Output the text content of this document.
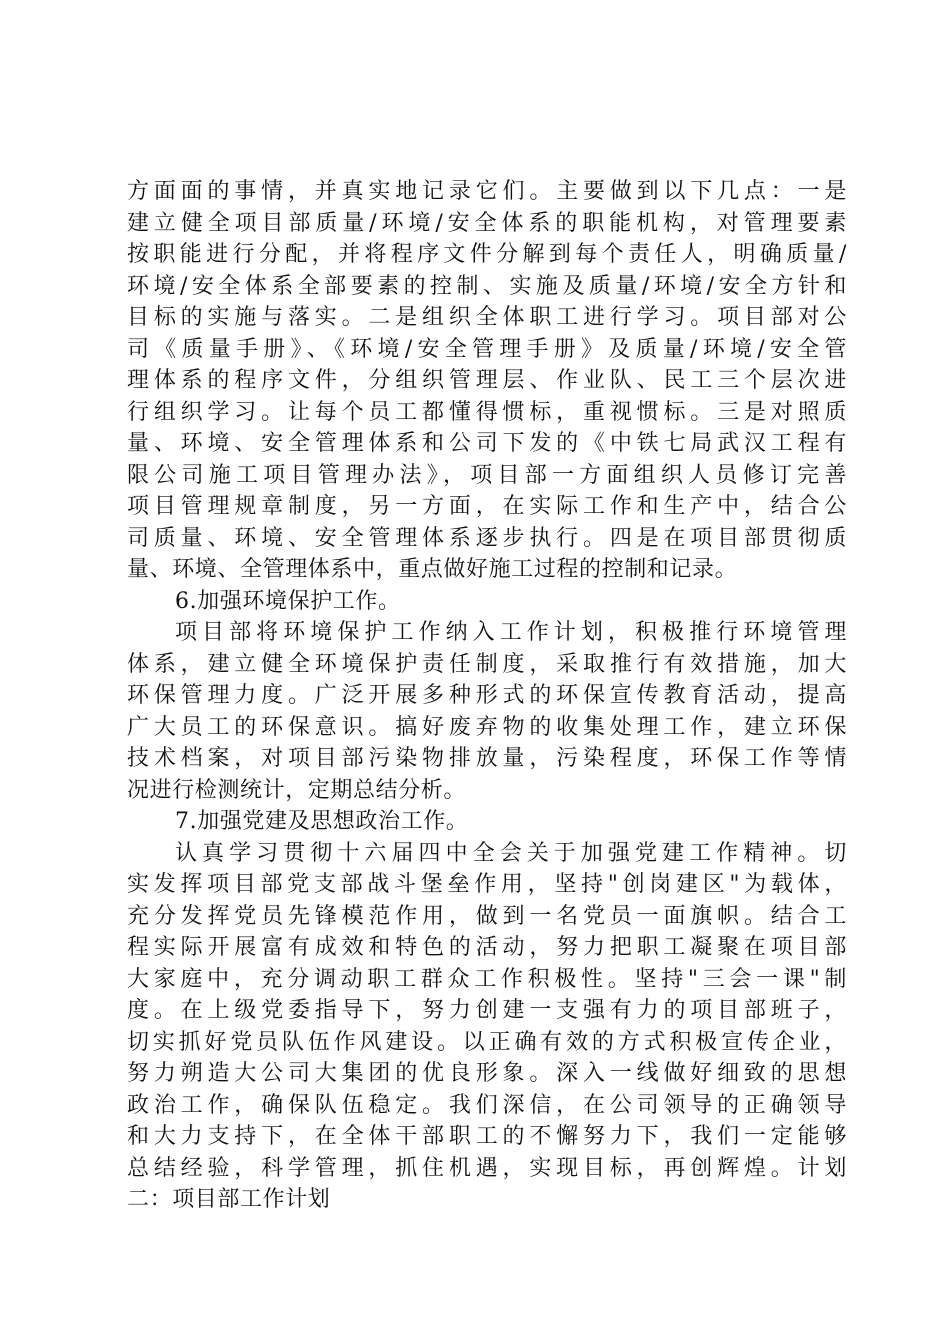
方面面的事情，并真实地记录它们。主要做到以下几点：一是
建立健全项目部质量/环境/安全体系的职能机构，对管理要素
按职能进行分配，并将程序文件分解到每个责任人，明确质量/
环境/安全体系全部要素的控制、实施及质量/环境/安全方针和
目标的实施与落实。二是组织全体职工进行学习。项目部对公
司《质量手册》、《环境/安全管理手册》及质量/环境/安全管
理体系的程序文件，分组织管理层、作业队、民工三个层次进
行组织学习。让每个员工都懂得惯标，重视惯标。三是对照质
量、环境、安全管理体系和公司下发的《中铁七局武汉工程有
限公司施工项目管理办法》，项目部一方面组织人员修订完善
项目管理规章制度，另一方面，在实际工作和生产中，结合公
司质量、环境、安全管理体系逐步执行。四是在项目部贯彻质
量、环境、全管理体系中，重点做好施工过程的控制和记录。
6.加强环境保护工作。
项目部将环境保护工作纳入工作计划，积极推行环境管理
体系，建立健全环境保护责任制度，采取推行有效措施，加大
环保管理力度。广泛开展多种形式的环保宣传教育活动，提高
广大员工的环保意识。搞好废弃物的收集处理工作，建立环保
技术档案，对项目部污染物排放量，污染程度，环保工作等情
况进行检测统计，定期总结分析。
7.加强党建及思想政治工作。
认真学习贯彻十六届四中全会关于加强党建工作精神。切
实发挥项目部党支部战斗堡垒作用，坚持"创岗建区"为载体，
充分发挥党员先锋模范作用，做到一名党员一面旗帜。结合工
程实际开展富有成效和特色的活动，努力把职工凝聚在项目部
大家庭中，充分调动职工群众工作积极性。坚持"三会一课"制
度。在上级党委指导下，努力创建一支强有力的项目部班子，
切实抓好党员队伍作风建设。以正确有效的方式积极宣传企业，
努力朔造大公司大集团的优良形象。深入一线做好细致的思想
政治工作，确保队伍稳定。我们深信，在公司领导的正确领导
和大力支持下，在全体干部职工的不懈努力下，我们一定能够
总结经验，科学管理，抓住机遇，实现目标，再创辉煌。计划
二：项目部工作计划
